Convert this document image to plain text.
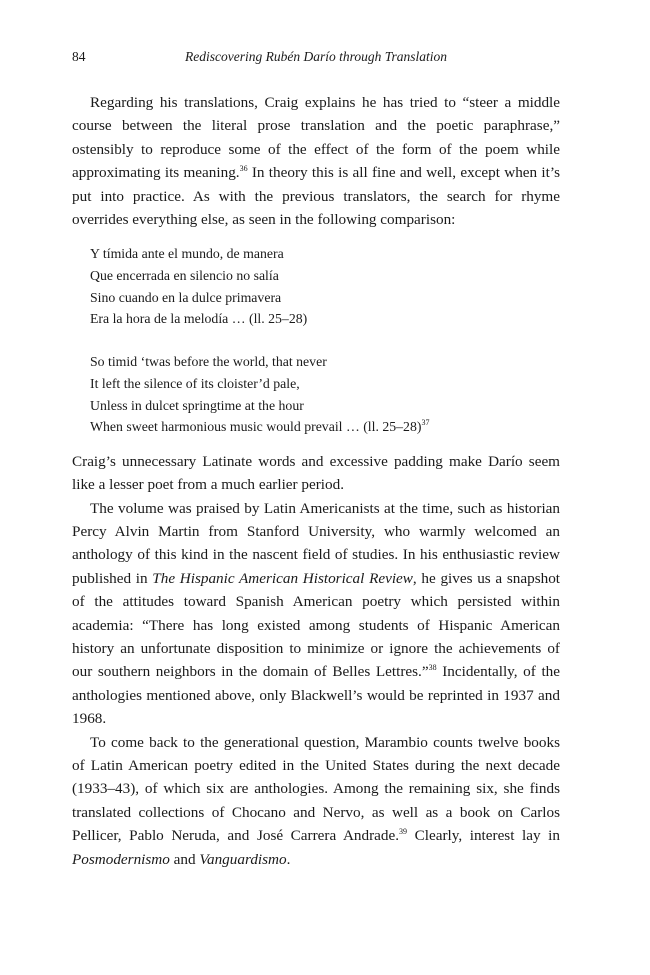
84	Rediscovering Rubén Darío through Translation

Regarding his translations, Craig explains he has tried to “steer a middle course between the literal prose translation and the poetic paraphrase,” ostensibly to reproduce some of the effect of the form of the poem while approximating its meaning.$^{36}$ In theory this is all fine and well, except when it’s put into practice. As with the previous translators, the search for rhyme overrides everything else, as seen in the following comparison:

Y tímida ante el mundo, de manera
Que encerrada en silencio no salía
Sino cuando en la dulce primavera
Era la hora de la melodía … (ll. 25–28)
So timid ‘twas before the world, that never
It left the silence of its cloister’d pale,
Unless in dulcet springtime at the hour
When sweet harmonious music would prevail … (ll. 25–28)$^{37}$

Craig’s unnecessary Latinate words and excessive padding make Darío seem like a lesser poet from a much earlier period.

The volume was praised by Latin Americanists at the time, such as historian Percy Alvin Martin from Stanford University, who warmly welcomed an anthology of this kind in the nascent field of studies. In his enthusiastic review published in The Hispanic American Historical Review, he gives us a snapshot of the attitudes toward Spanish American poetry which persisted within academia: “There has long existed among students of Hispanic American history an unfortunate disposition to minimize or ignore the achievements of our southern neighbors in the domain of Belles Lettres.”$^{38}$ Incidentally, of the anthologies mentioned above, only Blackwell’s would be reprinted in 1937 and 1968.

To come back to the generational question, Marambio counts twelve books of Latin American poetry edited in the United States during the next decade (1933–43), of which six are anthologies. Among the remaining six, she finds translated collections of Chocano and Nervo, as well as a book on Carlos Pellicer, Pablo Neruda, and José Carrera Andrade.$^{39}$ Clearly, interest lay in Posmodernismo and Vanguardismo.
